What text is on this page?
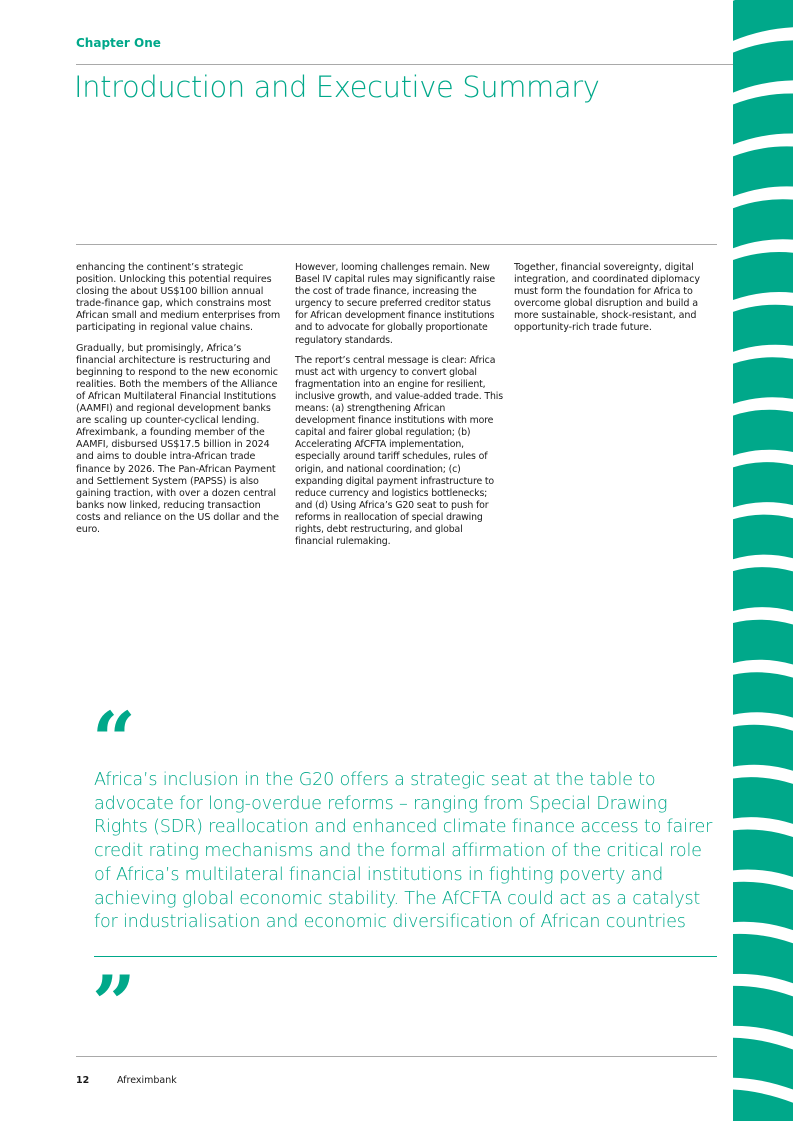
Chapter One
Introduction and Executive Summary

enhancing the continent’s strategic position. Unlocking this potential requires closing the about US$100 billion annual trade-finance gap, which constrains most African small and medium enterprises from participating in regional value chains.

Gradually, but promisingly, Africa’s financial architecture is restructuring and beginning to respond to the new economic realities. Both the members of the Alliance of African Multilateral Financial Institutions (AAMFI) and regional development banks are scaling up counter-cyclical lending. Afreximbank, a founding member of the AAMFI, disbursed US$17.5 billion in 2024 and aims to double intra-African trade finance by 2026. The Pan-African Payment and Settlement System (PAPSS) is also gaining traction, with over a dozen central banks now linked, reducing transaction costs and reliance on the US dollar and the euro.

However, looming challenges remain. New Basel IV capital rules may significantly raise the cost of trade finance, increasing the urgency to secure preferred creditor status for African development finance institutions and to advocate for globally proportionate regulatory standards.

The report’s central message is clear: Africa must act with urgency to convert global fragmentation into an engine for resilient, inclusive growth, and value-added trade. This means: (a) strengthening African development finance institutions with more capital and fairer global regulation; (b) Accelerating AfCFTA implementation, especially around tariff schedules, rules of origin, and national coordination; (c) expanding digital payment infrastructure to reduce currency and logistics bottlenecks; and (d) Using Africa’s G20 seat to push for reforms in reallocation of special drawing rights, debt restructuring, and global financial rulemaking.

Together, financial sovereignty, digital integration, and coordinated diplomacy must form the foundation for Africa to overcome global disruption and build a more sustainable, shock-resistant, and opportunity-rich trade future.

“
Africa’s inclusion in the G20 offers a strategic seat at the table to advocate for long-overdue reforms – ranging from Special Drawing Rights (SDR) reallocation and enhanced climate finance access to fairer credit rating mechanisms and the formal affirmation of the critical role of Africa’s multilateral financial institutions in fighting poverty and achieving global economic stability. The AfCFTA could act as a catalyst for industrialisation and economic diversification of African countries
”
12	Afreximbank
